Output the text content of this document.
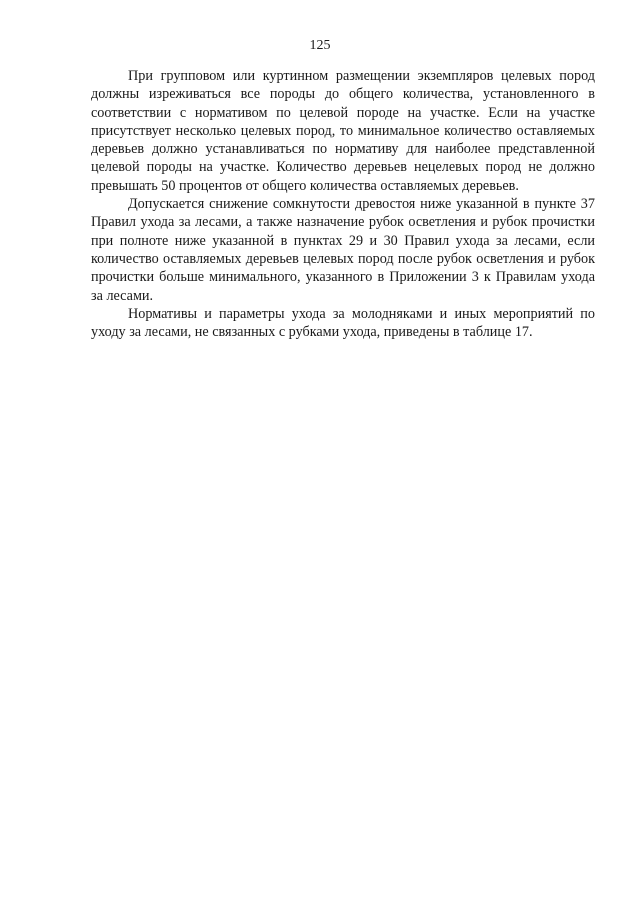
125

При групповом или куртинном размещении экземпляров целевых пород должны изреживаться все породы до общего количества, установленного в соответствии с нормативом по целевой породе на участке. Если на участке присутствует несколько целевых пород, то минимальное количество оставляемых деревьев должно устанавливаться по нормативу для наиболее представленной целевой породы на участке. Количество деревьев нецелевых пород не должно превышать 50 процентов от общего количества оставляемых деревьев.

Допускается снижение сомкнутости древостоя ниже указанной в пункте 37 Правил ухода за лесами, а также назначение рубок осветления и рубок прочистки при полноте ниже указанной в пунктах 29 и 30 Правил ухода за лесами, если количество оставляемых деревьев целевых пород после рубок осветления и рубок прочистки больше минимального, указанного в Приложении 3 к Правилам ухода за лесами.

Нормативы и параметры ухода за молодняками и иных мероприятий по уходу за лесами, не связанных с рубками ухода, приведены в таблице 17.
